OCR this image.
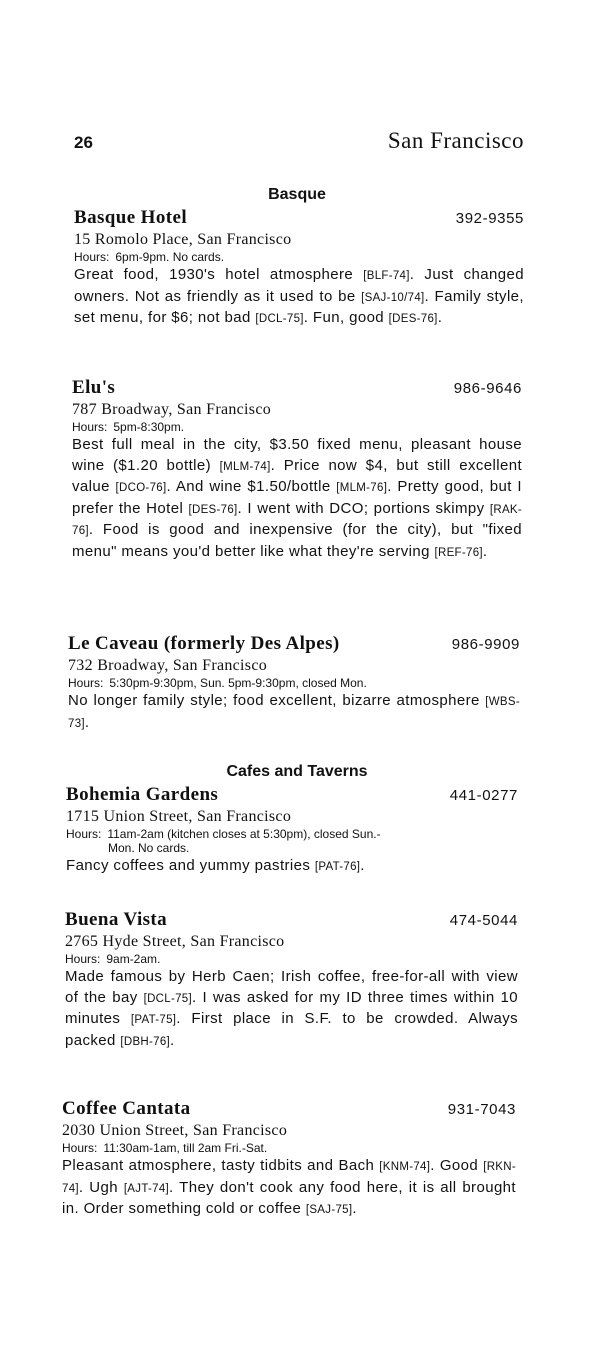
26	San Francisco
Basque
Basque Hotel	392-9355
15 Romolo Place, San Francisco
Hours: 6pm-9pm. No cards.
Great food, 1930's hotel atmosphere [BLF-74]. Just changed owners. Not as friendly as it used to be [SAJ-10/74]. Family style, set menu, for $6; not bad [DCL-75]. Fun, good [DES-76].
Elu's	986-9646
787 Broadway, San Francisco
Hours: 5pm-8:30pm.
Best full meal in the city, $3.50 fixed menu, pleasant house wine ($1.20 bottle) [MLM-74]. Price now $4, but still excellent value [DCO-76]. And wine $1.50/bottle [MLM-76]. Pretty good, but I prefer the Hotel [DES-76]. I went with DCO; portions skimpy [RAK-76]. Food is good and inexpensive (for the city), but "fixed menu" means you'd better like what they're serving [REF-76].
Le Caveau (formerly Des Alpes)	986-9909
732 Broadway, San Francisco
Hours: 5:30pm-9:30pm, Sun. 5pm-9:30pm, closed Mon.
No longer family style; food excellent, bizarre atmosphere [WBS-73].
Cafes and Taverns
Bohemia Gardens	441-0277
1715 Union Street, San Francisco
Hours: 11am-2am (kitchen closes at 5:30pm), closed Sun.-
Mon. No cards.
Fancy coffees and yummy pastries [PAT-76].
Buena Vista	474-5044
2765 Hyde Street, San Francisco
Hours: 9am-2am.
Made famous by Herb Caen; Irish coffee, free-for-all with view of the bay [DCL-75]. I was asked for my ID three times within 10 minutes [PAT-75]. First place in S.F. to be crowded. Always packed [DBH-76].
Coffee Cantata	931-7043
2030 Union Street, San Francisco
Hours: 11:30am-1am, till 2am Fri.-Sat.
Pleasant atmosphere, tasty tidbits and Bach [KNM-74]. Good [RKN-74]. Ugh [AJT-74]. They don't cook any food here, it is all brought in. Order something cold or coffee [SAJ-75].
